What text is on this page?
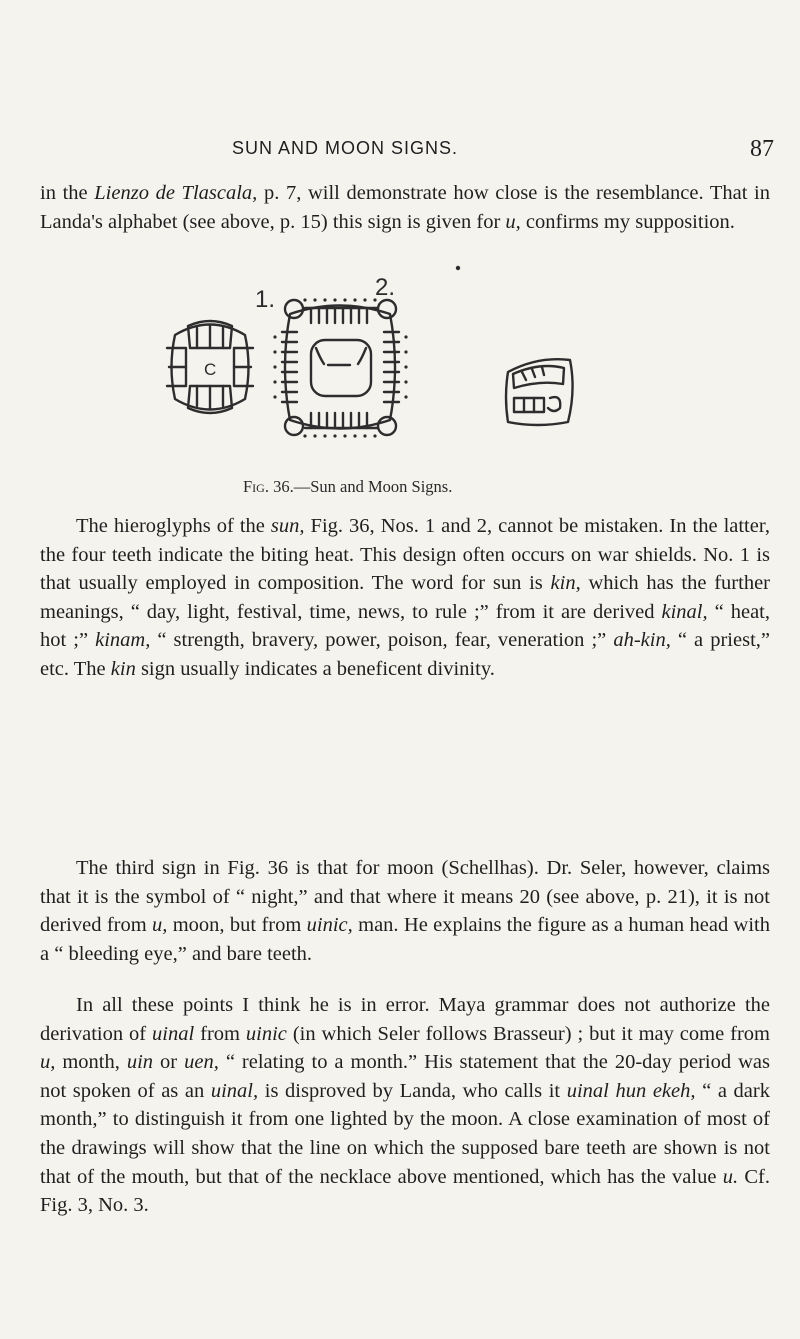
SUN AND MOON SIGNS.	87

in the Lienzo de Tlascala, p. 7, will demonstrate how close is the resemblance. That in Landa's alphabet (see above, p. 15) this sign is given for u, confirms my supposition.

C
1.	2.
Fig. 36.—Sun and Moon Signs.

The hieroglyphs of the sun, Fig. 36, Nos. 1 and 2, cannot be mistaken. In the latter, the four teeth indicate the biting heat. This design often occurs on war shields. No. 1 is that usually employed in composition. The word for sun is kin, which has the further meanings, “ day, light, festival, time, news, to rule ;” from it are derived kinal, “ heat, hot ;” kinam, “ strength, bravery, power, poison, fear, veneration ;” ah-kin, “ a priest,” etc. The kin sign usually indicates a beneficent divinity.

The third sign in Fig. 36 is that for moon (Schellhas). Dr. Seler, however, claims that it is the symbol of “ night,” and that where it means 20 (see above, p. 21), it is not derived from u, moon, but from uinic, man. He explains the figure as a human head with a “ bleeding eye,” and bare teeth.

In all these points I think he is in error. Maya grammar does not authorize the derivation of uinal from uinic (in which Seler follows Brasseur) ; but it may come from u, month, uin or uen, “ relating to a month.” His statement that the 20-day period was not spoken of as an uinal, is disproved by Landa, who calls it uinal hun ekeh, “ a dark month,” to distinguish it from one lighted by the moon. A close examination of most of the drawings will show that the line on which the supposed bare teeth are shown is not that of the mouth, but that of the necklace above mentioned, which has the value u. Cf. Fig. 3, No. 3.
